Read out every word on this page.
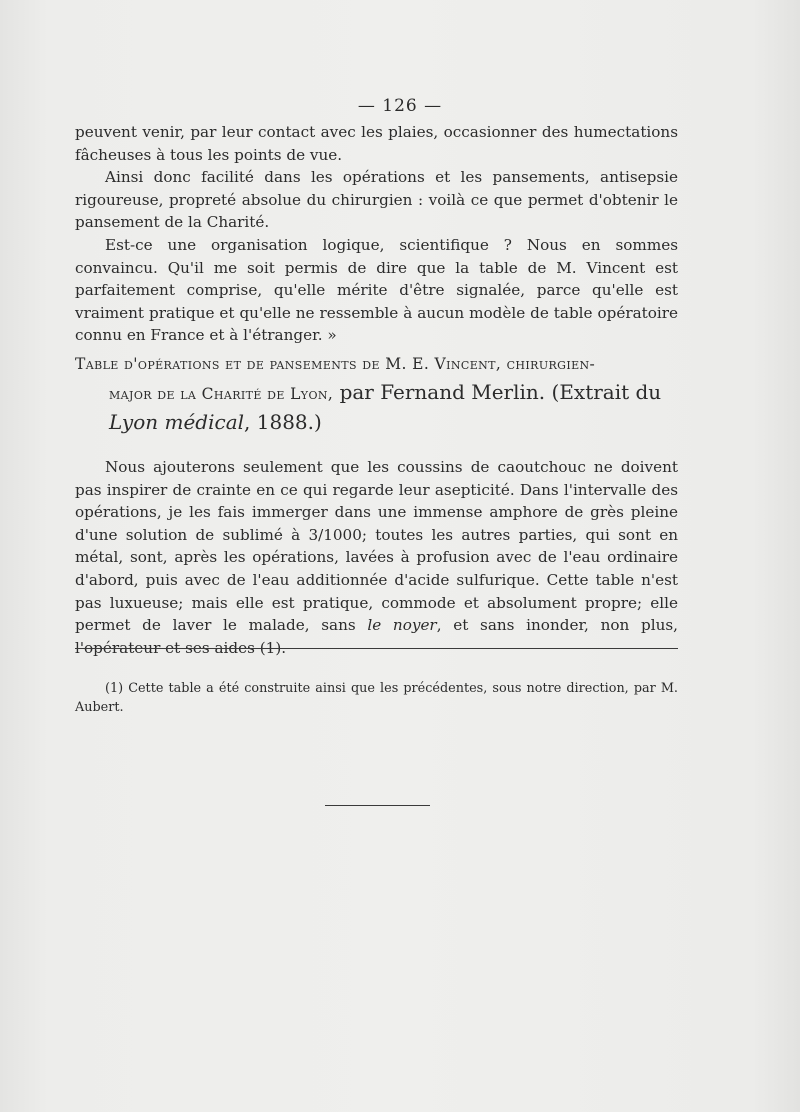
— 126 —

peuvent venir, par leur contact avec les plaies, occasionner des humectations fâcheuses à tous les points de vue.

Ainsi donc facilité dans les opérations et les pansements, antisepsie rigoureuse, propreté absolue du chirurgien : voilà ce que permet d'obtenir le pansement de la Charité.

Est-ce une organisation logique, scientifique ? Nous en sommes convaincu. Qu'il me soit permis de dire que la table de M. Vincent est parfaitement comprise, qu'elle mérite d'être signalée, parce qu'elle est vraiment pratique et qu'elle ne ressemble à aucun modèle de table opératoire connu en France et à l'étranger. »

Table d'opérations et de pansements de M. E. Vincent, chirurgien-
major de la Charité de Lyon, par Fernand Merlin. (Extrait du
Lyon médical, 1888.)

Nous ajouterons seulement que les coussins de caoutchouc ne doivent pas inspirer de crainte en ce qui regarde leur asepticité. Dans l'intervalle des opérations, je les fais immerger dans une immense amphore de grès pleine d'une solution de sublimé à 3/1000; toutes les autres parties, qui sont en métal, sont, après les opérations, lavées à profusion avec de l'eau ordinaire d'abord, puis avec de l'eau additionnée d'acide sulfurique. Cette table n'est pas luxueuse; mais elle est pratique, commode et absolument propre; elle permet de laver le malade, sans le noyer, et sans inonder, non plus, l'opérateur et ses aides (1).

(1) Cette table a été construite ainsi que les précédentes, sous notre direction, par M. Aubert.
